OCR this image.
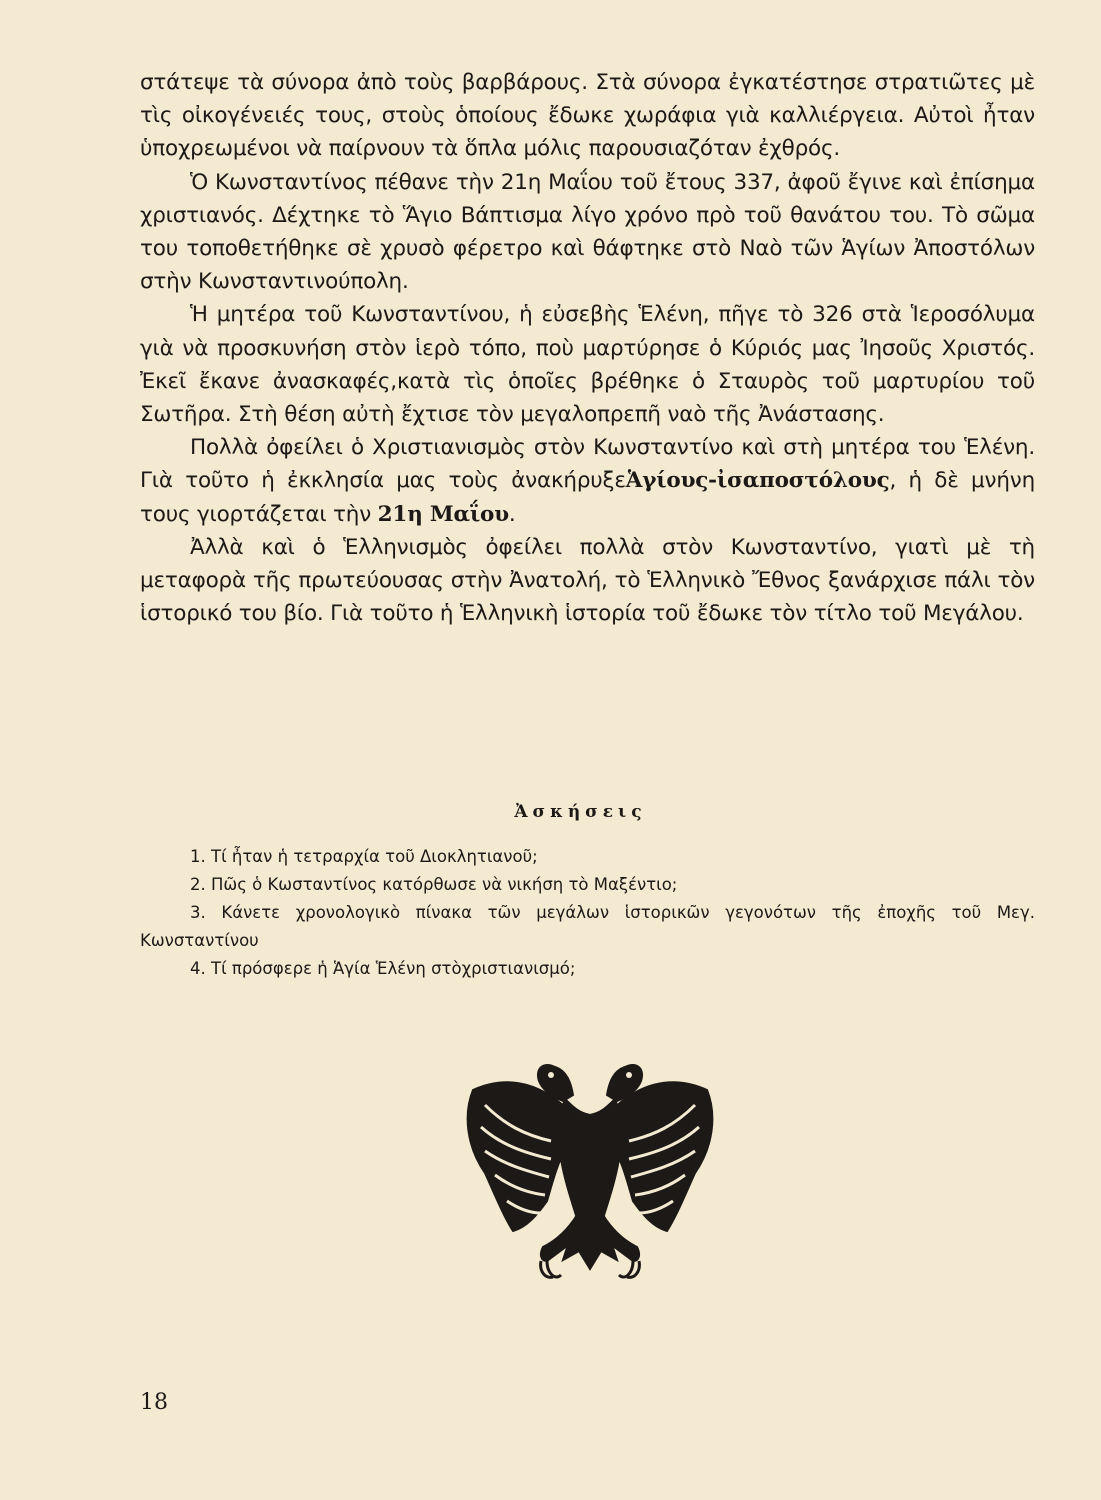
στάτεψε τὰ σύνορα ἀπὸ τοὺς βαρβάρους. Στὰ σύνορα ἐγκατέστησε στρατιῶτες μὲ τὶς οἰκογένειές τους, στοὺς ὁποίους ἔδωκε χωράφια γιὰ καλλιέργεια. Αὐτοὶ ἦταν ὑποχρεωμένοι νὰ παίρνουν τὰ ὅπλα μόλις παρουσιαζόταν ἐχθρός.

Ὁ Κωνσταντίνος πέθανε τὴν 21η Μαΐου τοῦ ἔτους 337, ἀφοῦ ἔγινε καὶ ἐπίσημα χριστιανός. Δέχτηκε τὸ Ἅγιο Βάπτισμα λίγο χρόνο πρὸ τοῦ θανάτου του. Τὸ σῶμα του τοποθετήθηκε σὲ χρυσὸ φέρετρο καὶ θάφτηκε στὸ Ναὸ τῶν Ἁγίων Ἀποστόλων στὴν Κωνσταντινούπολη.

Ἡ μητέρα τοῦ Κωνσταντίνου, ἡ εὐσεβὴς Ἑλένη, πῆγε τὸ 326 στὰ Ἱεροσόλυμα γιὰ νὰ προσκυνήση στὸν ἱερὸ τόπο, ποὺ μαρτύρησε ὁ Κύριός μας Ἰησοῦς Χριστός. Ἐκεῖ ἔκανε ἀνασκαφές,κατὰ τὶς ὁποῖες βρέθηκε ὁ Σταυρὸς τοῦ μαρτυρίου τοῦ Σωτῆρα. Στὴ θέση αὐτὴ ἔχτισε τὸν μεγαλοπρεπῆ ναὸ τῆς Ἀνάστασης.

Πολλὰ ὀφείλει ὁ Χριστιανισμὸς στὸν Κωνσταντίνο καὶ στὴ μητέρα του Ἑλένη. Γιὰ τοῦτο ἡ ἐκκλησία μας τοὺς ἀνακήρυξεἉγίους-ἰσαποστόλους, ἡ δὲ μνήνη τους γιορτάζεται τὴν 21η Μαΐου.

Ἀλλὰ καὶ ὁ Ἑλληνισμὸς ὀφείλει πολλὰ στὸν Κωνσταντίνο, γιατὶ μὲ τὴ μεταφορὰ τῆς πρωτεύουσας στὴν Ἀνατολή, τὸ Ἑλληνικὸ Ἔθνος ξανάρχισε πάλι τὸν ἱστορικό του βίο. Γιὰ τοῦτο ἡ Ἑλληνικὴ ἱστορία τοῦ ἔδωκε τὸν τίτλο τοῦ Μεγάλου.

Ἀσκήσεις
1. Τί ἦταν ἡ τετραρχία τοῦ Διοκλητιανοῦ;
2. Πῶς ὁ Κωσταντίνος κατόρθωσε νὰ νικήση τὸ Μαξέντιο;
3. Κάνετε χρονολογικὸ πίνακα τῶν μεγάλων ἱστορικῶν γεγονότων τῆς ἐποχῆς τοῦ Μεγ. Κωνσταντίνου
4. Τί πρόσφερε ἡ Ἁγία Ἑλένη στὸχριστιανισμό;
18
